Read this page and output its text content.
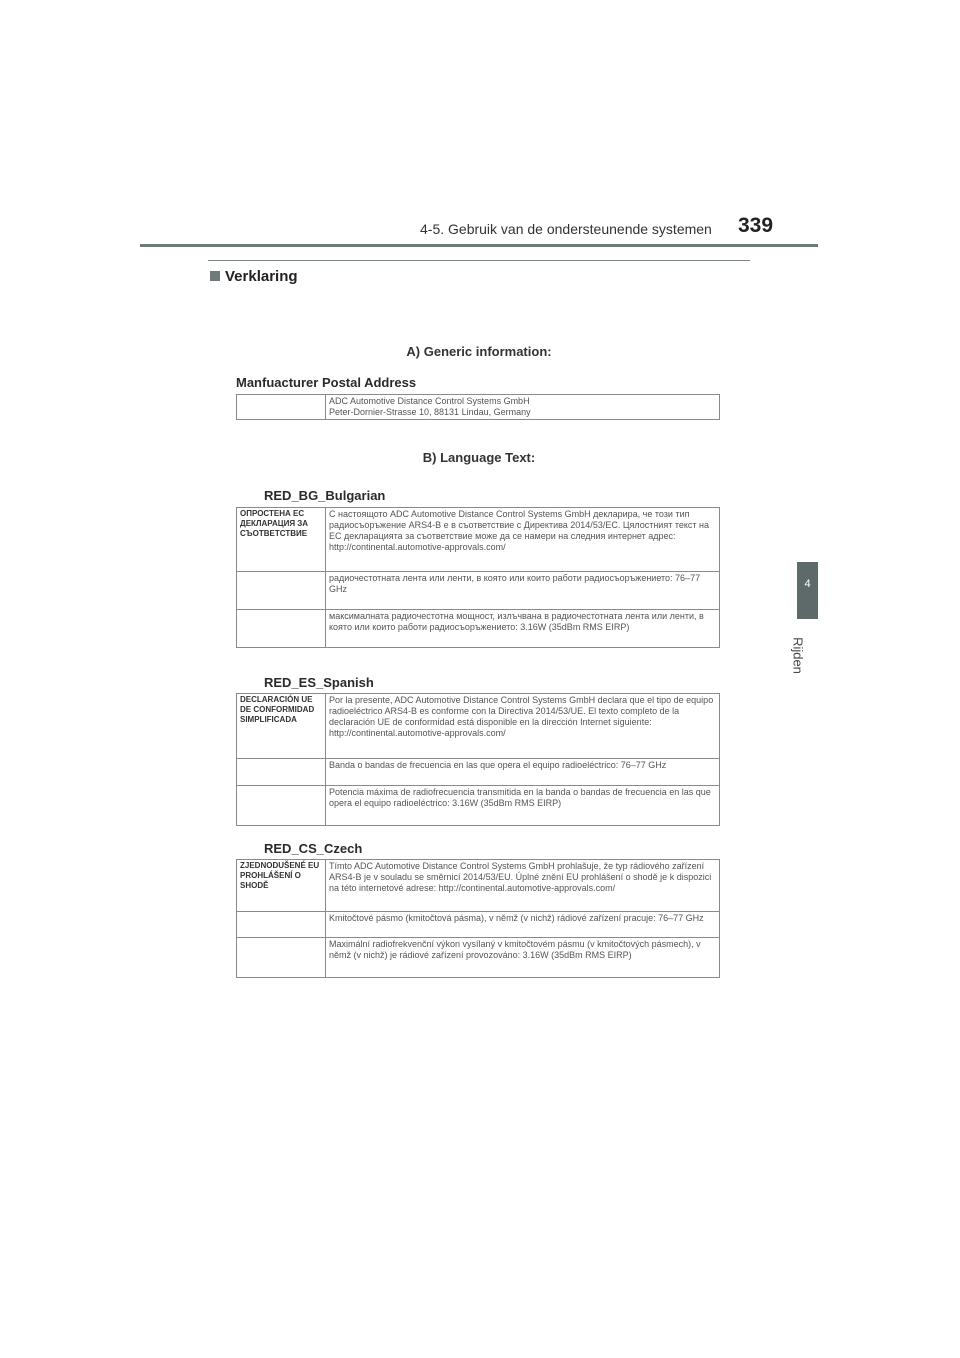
4-5. Gebruik van de ondersteunende systemen 339
4
Rijden
Verklaring
A) Generic information:
Manfuacturer Postal Address

ADC Automotive Distance Control Systems GmbH
Peter-Dornier-Strasse 10, 88131 Lindau, Germany
B) Language Text:
RED_BG_Bulgarian
ОПРОСТЕНА ЕС ДЕКЛАРАЦИЯ ЗА СЪОТВЕТСТВИЕ	С настоящото ADC Automotive Distance Control Systems GmbH декларира, че този тип радиосъоръжение ARS4-B е в съответствие с Директива 2014/53/ЕС. Цялостният текст на ЕС декларацията за съответствие може да се намери на следния интернет адрес: http://continental.automotive-approvals.com/
	радиочестотната лента или ленти, в която или които работи радиосъоръжението: 76–77 GHz
	максималната радиочестотна мощност, излъчвана в радиочестотната лента или ленти, в която или които работи радиосъоръжението: 3.16W (35dBm RMS EIRP)
RED_ES_Spanish
DECLARACIÓN UE DE CONFORMIDAD SIMPLIFICADA	Por la presente, ADC Automotive Distance Control Systems GmbH declara que el tipo de equipo radioeléctrico ARS4-B es conforme con la Directiva 2014/53/UE. El texto completo de la declaración UE de conformidad está disponible en la dirección Internet siguiente: http://continental.automotive-approvals.com/
	Banda o bandas de frecuencia en las que opera el equipo radioeléctrico: 76–77 GHz
	Potencia máxima de radiofrecuencia transmitida en la banda o bandas de frecuencia en las que opera el equipo radioeléctrico: 3.16W (35dBm RMS EIRP)
RED_CS_Czech
ZJEDNODUŠENÉ EU PROHLÁŠENÍ O SHODĚ	Tímto ADC Automotive Distance Control Systems GmbH prohlašuje, že typ rádiového zařízení ARS4-B je v souladu se směrnicí 2014/53/EU. Úplné znění EU prohlášení o shodě je k dispozici na této internetové adrese: http://continental.automotive-approvals.com/
	Kmitočtové pásmo (kmitočtová pásma), v němž (v nichž) rádiové zařízení pracuje: 76–77 GHz
	Maximální radiofrekvenční výkon vysílaný v kmitočtovém pásmu (v kmitočtových pásmech), v němž (v nichž) je rádiové zařízení provozováno: 3.16W (35dBm RMS EIRP)
